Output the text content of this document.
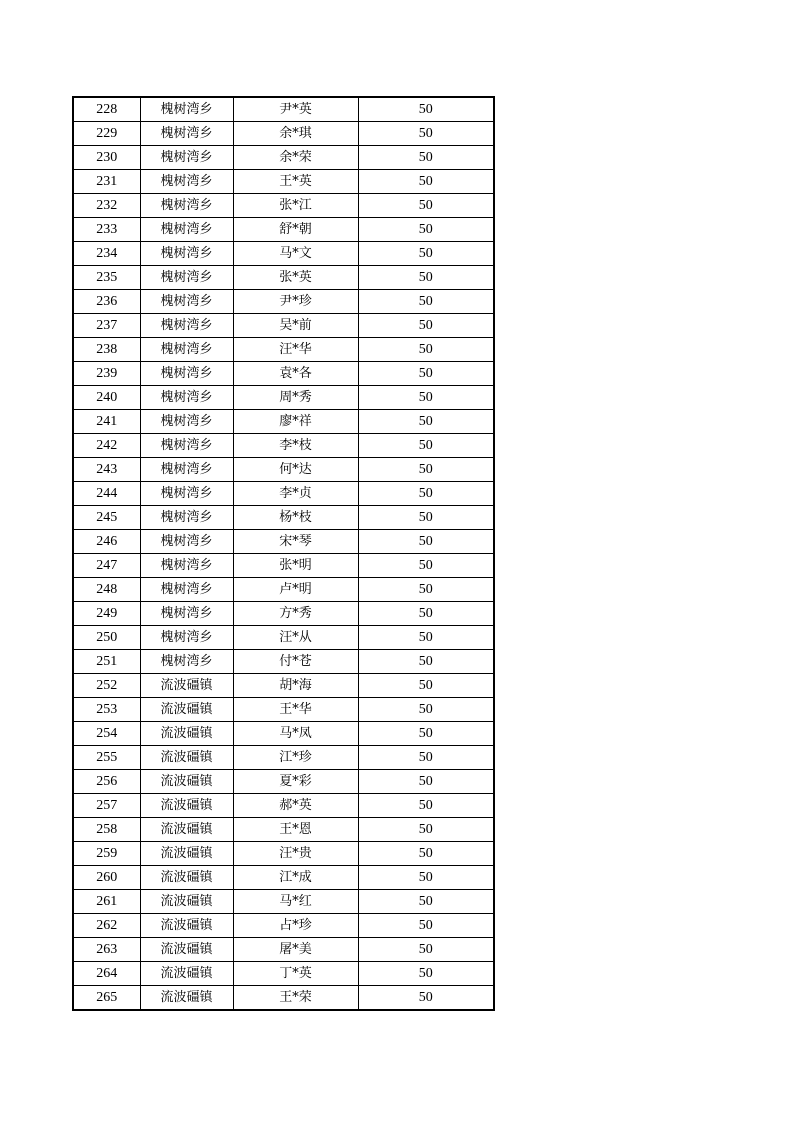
228	槐树湾乡	尹*英	50
229	槐树湾乡	余*琪	50
230	槐树湾乡	余*荣	50
231	槐树湾乡	王*英	50
232	槐树湾乡	张*江	50
233	槐树湾乡	舒*朝	50
234	槐树湾乡	马*文	50
235	槐树湾乡	张*英	50
236	槐树湾乡	尹*珍	50
237	槐树湾乡	吴*前	50
238	槐树湾乡	汪*华	50
239	槐树湾乡	袁*各	50
240	槐树湾乡	周*秀	50
241	槐树湾乡	廖*祥	50
242	槐树湾乡	李*枝	50
243	槐树湾乡	何*达	50
244	槐树湾乡	李*贞	50
245	槐树湾乡	杨*枝	50
246	槐树湾乡	宋*琴	50
247	槐树湾乡	张*明	50
248	槐树湾乡	卢*明	50
249	槐树湾乡	方*秀	50
250	槐树湾乡	汪*从	50
251	槐树湾乡	付*苍	50
252	流波礓镇	胡*海	50
253	流波礓镇	王*华	50
254	流波礓镇	马*凤	50
255	流波礓镇	江*珍	50
256	流波礓镇	夏*彩	50
257	流波礓镇	郝*英	50
258	流波礓镇	王*恩	50
259	流波礓镇	汪*贵	50
260	流波礓镇	江*成	50
261	流波礓镇	马*红	50
262	流波礓镇	占*珍	50
263	流波礓镇	屠*美	50
264	流波礓镇	丁*英	50
265	流波礓镇	王*荣	50
